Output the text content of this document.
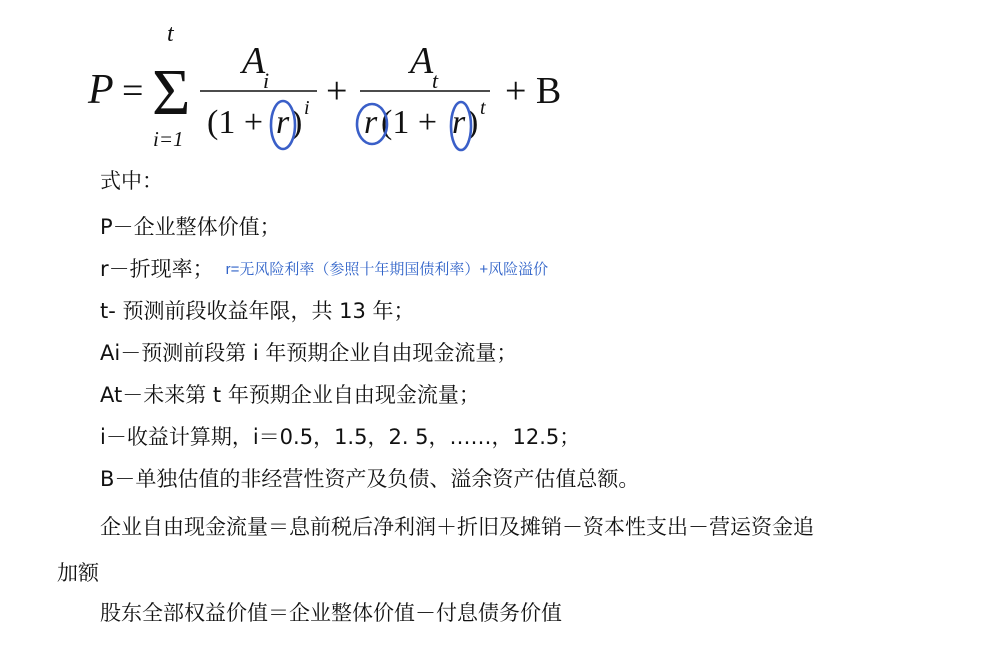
P =
t
Σ
i=1
A
i
(1 + r ) i +
A
t
r (1 + r ) t + B
式中：
P－企业整体价值；
r－折现率； r=无风险利率（参照十年期国债利率）+风险溢价
t- 预测前段收益年限，共 13 年；
Ai－预测前段第 i 年预期企业自由现金流量；
At－未来第 t 年预期企业自由现金流量；
i－收益计算期，i＝0.5，1.5，2. 5，……，12.5；
B－单独估值的非经营性资产及负债、溢余资产估值总额。
企业自由现金流量＝息前税后净利润＋折旧及摊销－资本性支出－营运资金追
加额
股东全部权益价值＝企业整体价值－付息债务价值
